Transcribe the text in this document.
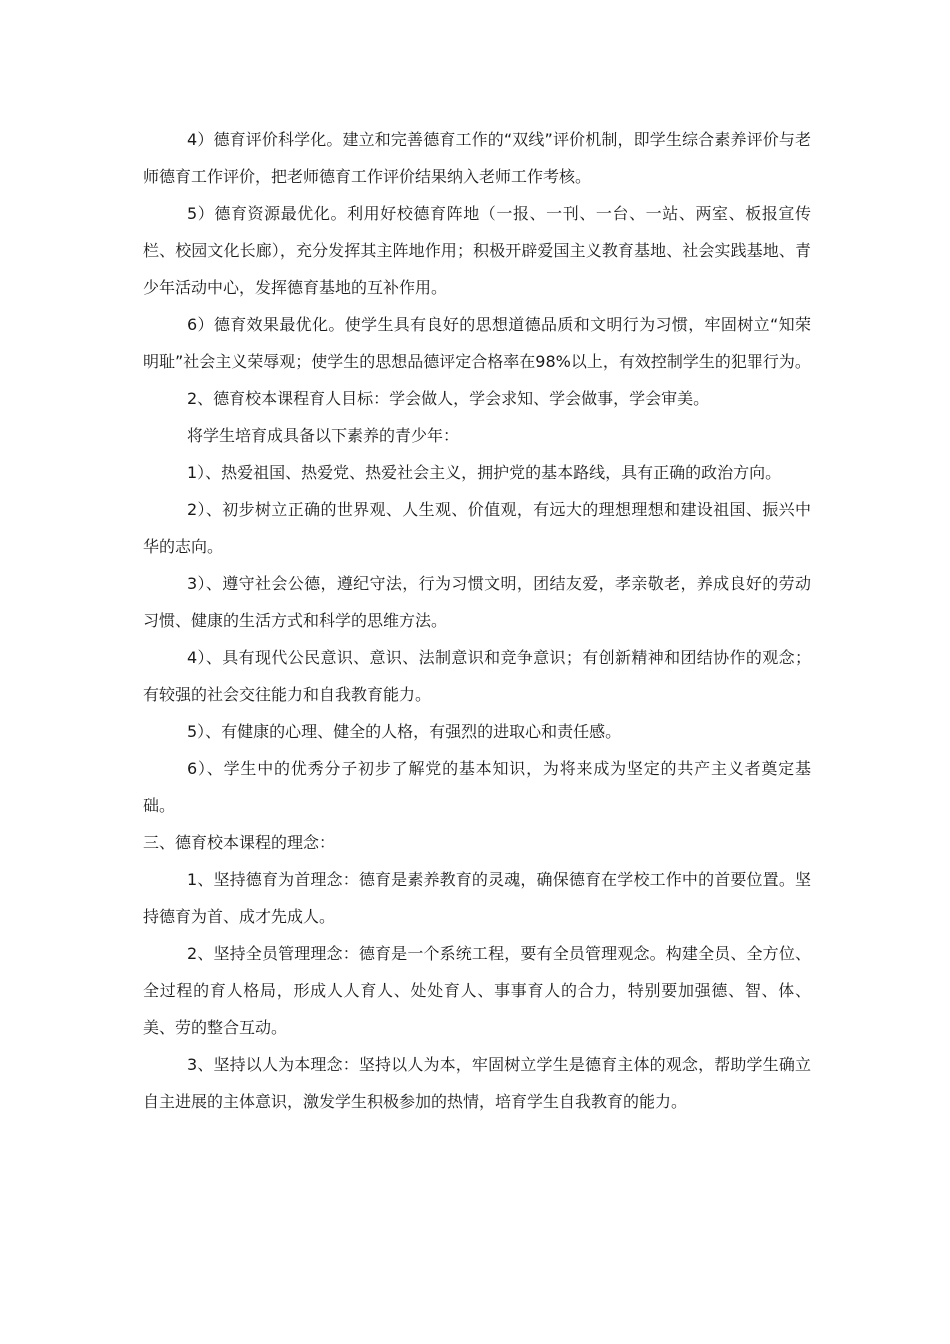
4）德育评价科学化。建立和完善德育工作的“双线”评价机制，即学生综合素养评价与老师德育工作评价，把老师德育工作评价结果纳入老师工作考核。

5）德育资源最优化。利用好校德育阵地（一报、一刊、一台、一站、两室、板报宣传栏、校园文化长廊），充分发挥其主阵地作用；积极开辟爱国主义教育基地、社会实践基地、青少年活动中心，发挥德育基地的互补作用。

6）德育效果最优化。使学生具有良好的思想道德品质和文明行为习惯，牢固树立“知荣明耻”社会主义荣辱观；使学生的思想品德评定合格率在98%以上，有效控制学生的犯罪行为。

2、德育校本课程育人目标：学会做人，学会求知、学会做事，学会审美。

将学生培育成具备以下素养的青少年：

1）、热爱祖国、热爱党、热爱社会主义，拥护党的基本路线，具有正确的政治方向。

2）、初步树立正确的世界观、人生观、价值观，有远大的理想理想和建设祖国、振兴中华的志向。

3）、遵守社会公德，遵纪守法，行为习惯文明，团结友爱，孝亲敬老，养成良好的劳动习惯、健康的生活方式和科学的思维方法。

4）、具有现代公民意识、意识、法制意识和竞争意识；有创新精神和团结协作的观念；有较强的社会交往能力和自我教育能力。

5）、有健康的心理、健全的人格，有强烈的进取心和责任感。

6）、学生中的优秀分子初步了解党的基本知识，为将来成为坚定的共产主义者奠定基础。

三、德育校本课程的理念：

1、坚持德育为首理念：德育是素养教育的灵魂，确保德育在学校工作中的首要位置。坚持德育为首、成才先成人。

2、坚持全员管理理念：德育是一个系统工程，要有全员管理观念。构建全员、全方位、全过程的育人格局，形成人人育人、处处育人、事事育人的合力，特别要加强德、智、体、美、劳的整合互动。

3、坚持以人为本理念：坚持以人为本，牢固树立学生是德育主体的观念，帮助学生确立自主进展的主体意识，激发学生积极参加的热情，培育学生自我教育的能力。
